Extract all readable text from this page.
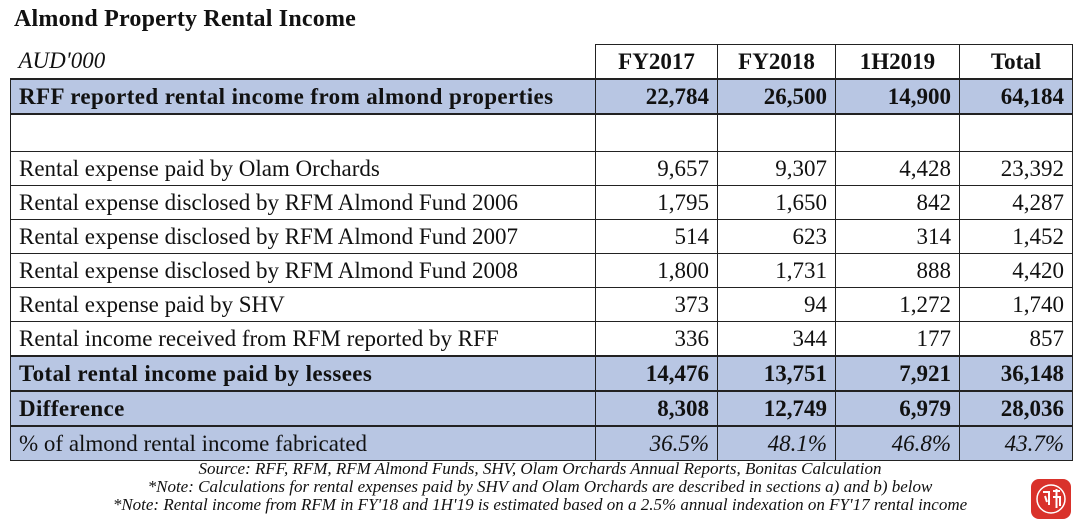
Almond Property Rental Income
AUD'000	FY2017	FY2018	1H2019	Total
RFF reported rental income from almond properties	22,784	26,500	14,900	64,184

Rental expense paid by Olam Orchards	9,657	9,307	4,428	23,392
Rental expense disclosed by RFM Almond Fund 2006	1,795	1,650	842	4,287
Rental expense disclosed by RFM Almond Fund 2007	514	623	314	1,452
Rental expense disclosed by RFM Almond Fund 2008	1,800	1,731	888	4,420
Rental expense paid by SHV	373	94	1,272	1,740
Rental income received from RFM reported by RFF	336	344	177	857
Total rental income paid by lessees	14,476	13,751	7,921	36,148
Difference	8,308	12,749	6,979	28,036
% of almond rental income fabricated	36.5%	48.1%	46.8%	43.7%
Source: RFF, RFM, RFM Almond Funds, SHV, Olam Orchards Annual Reports, Bonitas Calculation
*Note: Calculations for rental expenses paid by SHV and Olam Orchards are described in sections a) and b) below
*Note: Rental income from RFM in FY'18 and 1H'19 is estimated based on a 2.5% annual indexation on FY'17 rental income
